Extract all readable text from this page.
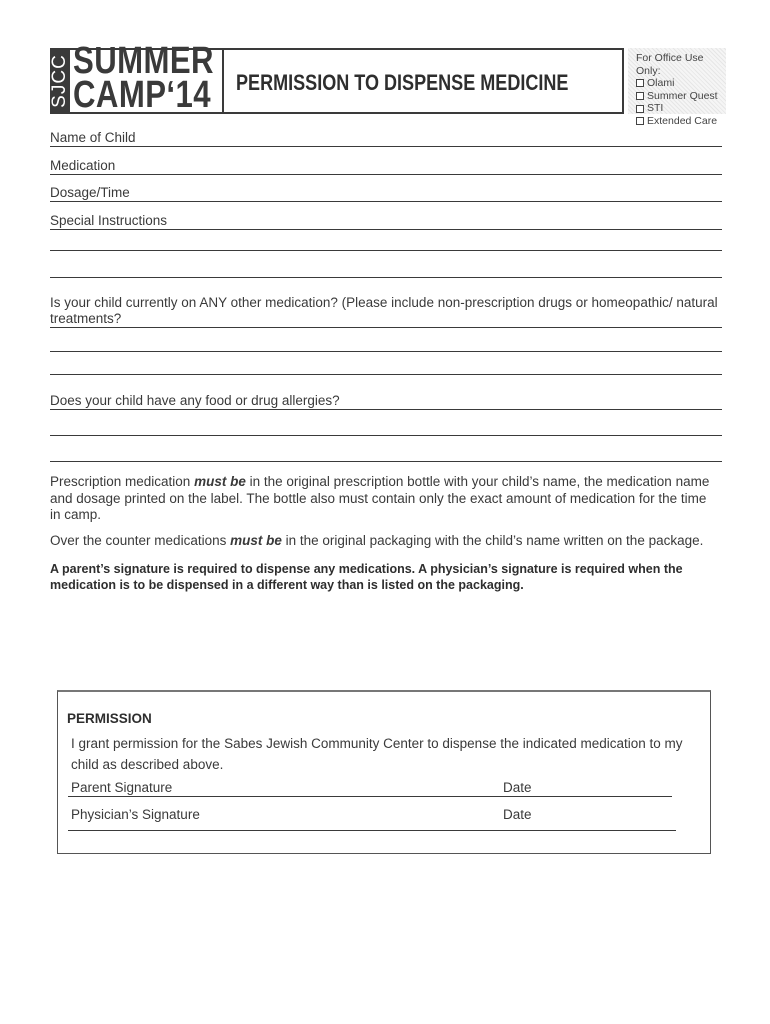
SJCC SUMMER
CAMP‘14 PERMISSION TO DISPENSE MEDICINE
For Office Use Only:
Olami
Summer Quest
STI
Extended Care
Name of Child
Medication
Dosage/Time
Special Instructions
Is your child currently on ANY other medication? (Please include non-prescription drugs or homeopathic/ natural treatments?
Does your child have any food or drug allergies?
Prescription medication must be in the original prescription bottle with your child’s name, the medication name and dosage printed on the label. The bottle also must contain only the exact amount of medication for the time in camp.
Over the counter medications must be in the original packaging with the child’s name written on the package.
A parent’s signature is required to dispense any medications. A physician’s signature is required when the medication is to be dispensed in a different way than is listed on the packaging.
PERMISSION
I grant permission for the Sabes Jewish Community Center to dispense the indicated medication to my child as described above.
Parent Signature	Date
Physician’s Signature	Date
